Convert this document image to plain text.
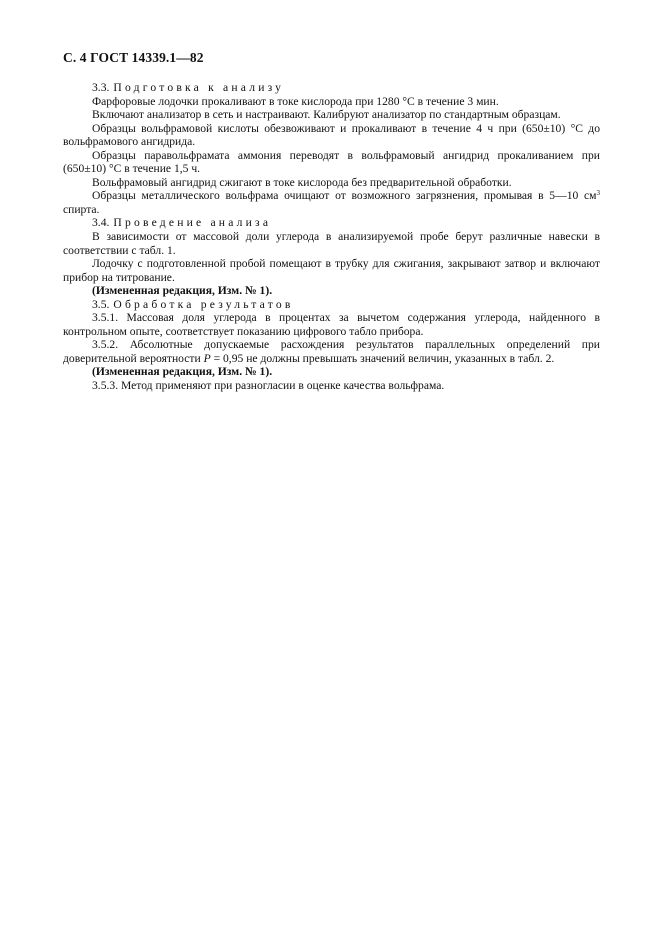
С. 4 ГОСТ 14339.1—82

3.3. Подготовка к анализу

Фарфоровые лодочки прокаливают в токе кислорода при 1280 °С в течение 3 мин.

Включают анализатор в сеть и настраивают. Калибруют анализатор по стандартным образцам.

Образцы вольфрамовой кислоты обезвоживают и прокаливают в течение 4 ч при (650±10) °С до вольфрамового ангидрида.

Образцы паравольфрамата аммония переводят в вольфрамовый ангидрид прокаливанием при (650±10) °С в течение 1,5 ч.

Вольфрамовый ангидрид сжигают в токе кислорода без предварительной обработки.

Образцы металлического вольфрама очищают от возможного загрязнения, промывая в 5—10 $см^3$ спирта.

3.4. Проведение анализа

В зависимости от массовой доли углерода в анализируемой пробе берут различные навески в соответствии с табл. 1.

Лодочку с подготовленной пробой помещают в трубку для сжигания, закрывают затвор и включают прибор на титрование.

(Измененная редакция, Изм. № 1).

3.5. Обработка результатов

3.5.1. Массовая доля углерода в процентах за вычетом содержания углерода, найденного в контрольном опыте, соответствует показанию цифрового табло прибора.

3.5.2. Абсолютные допускаемые расхождения результатов параллельных определений при доверительной вероятности P = 0,95 не должны превышать значений величин, указанных в табл. 2.

(Измененная редакция, Изм. № 1).

3.5.3. Метод применяют при разногласии в оценке качества вольфрама.
